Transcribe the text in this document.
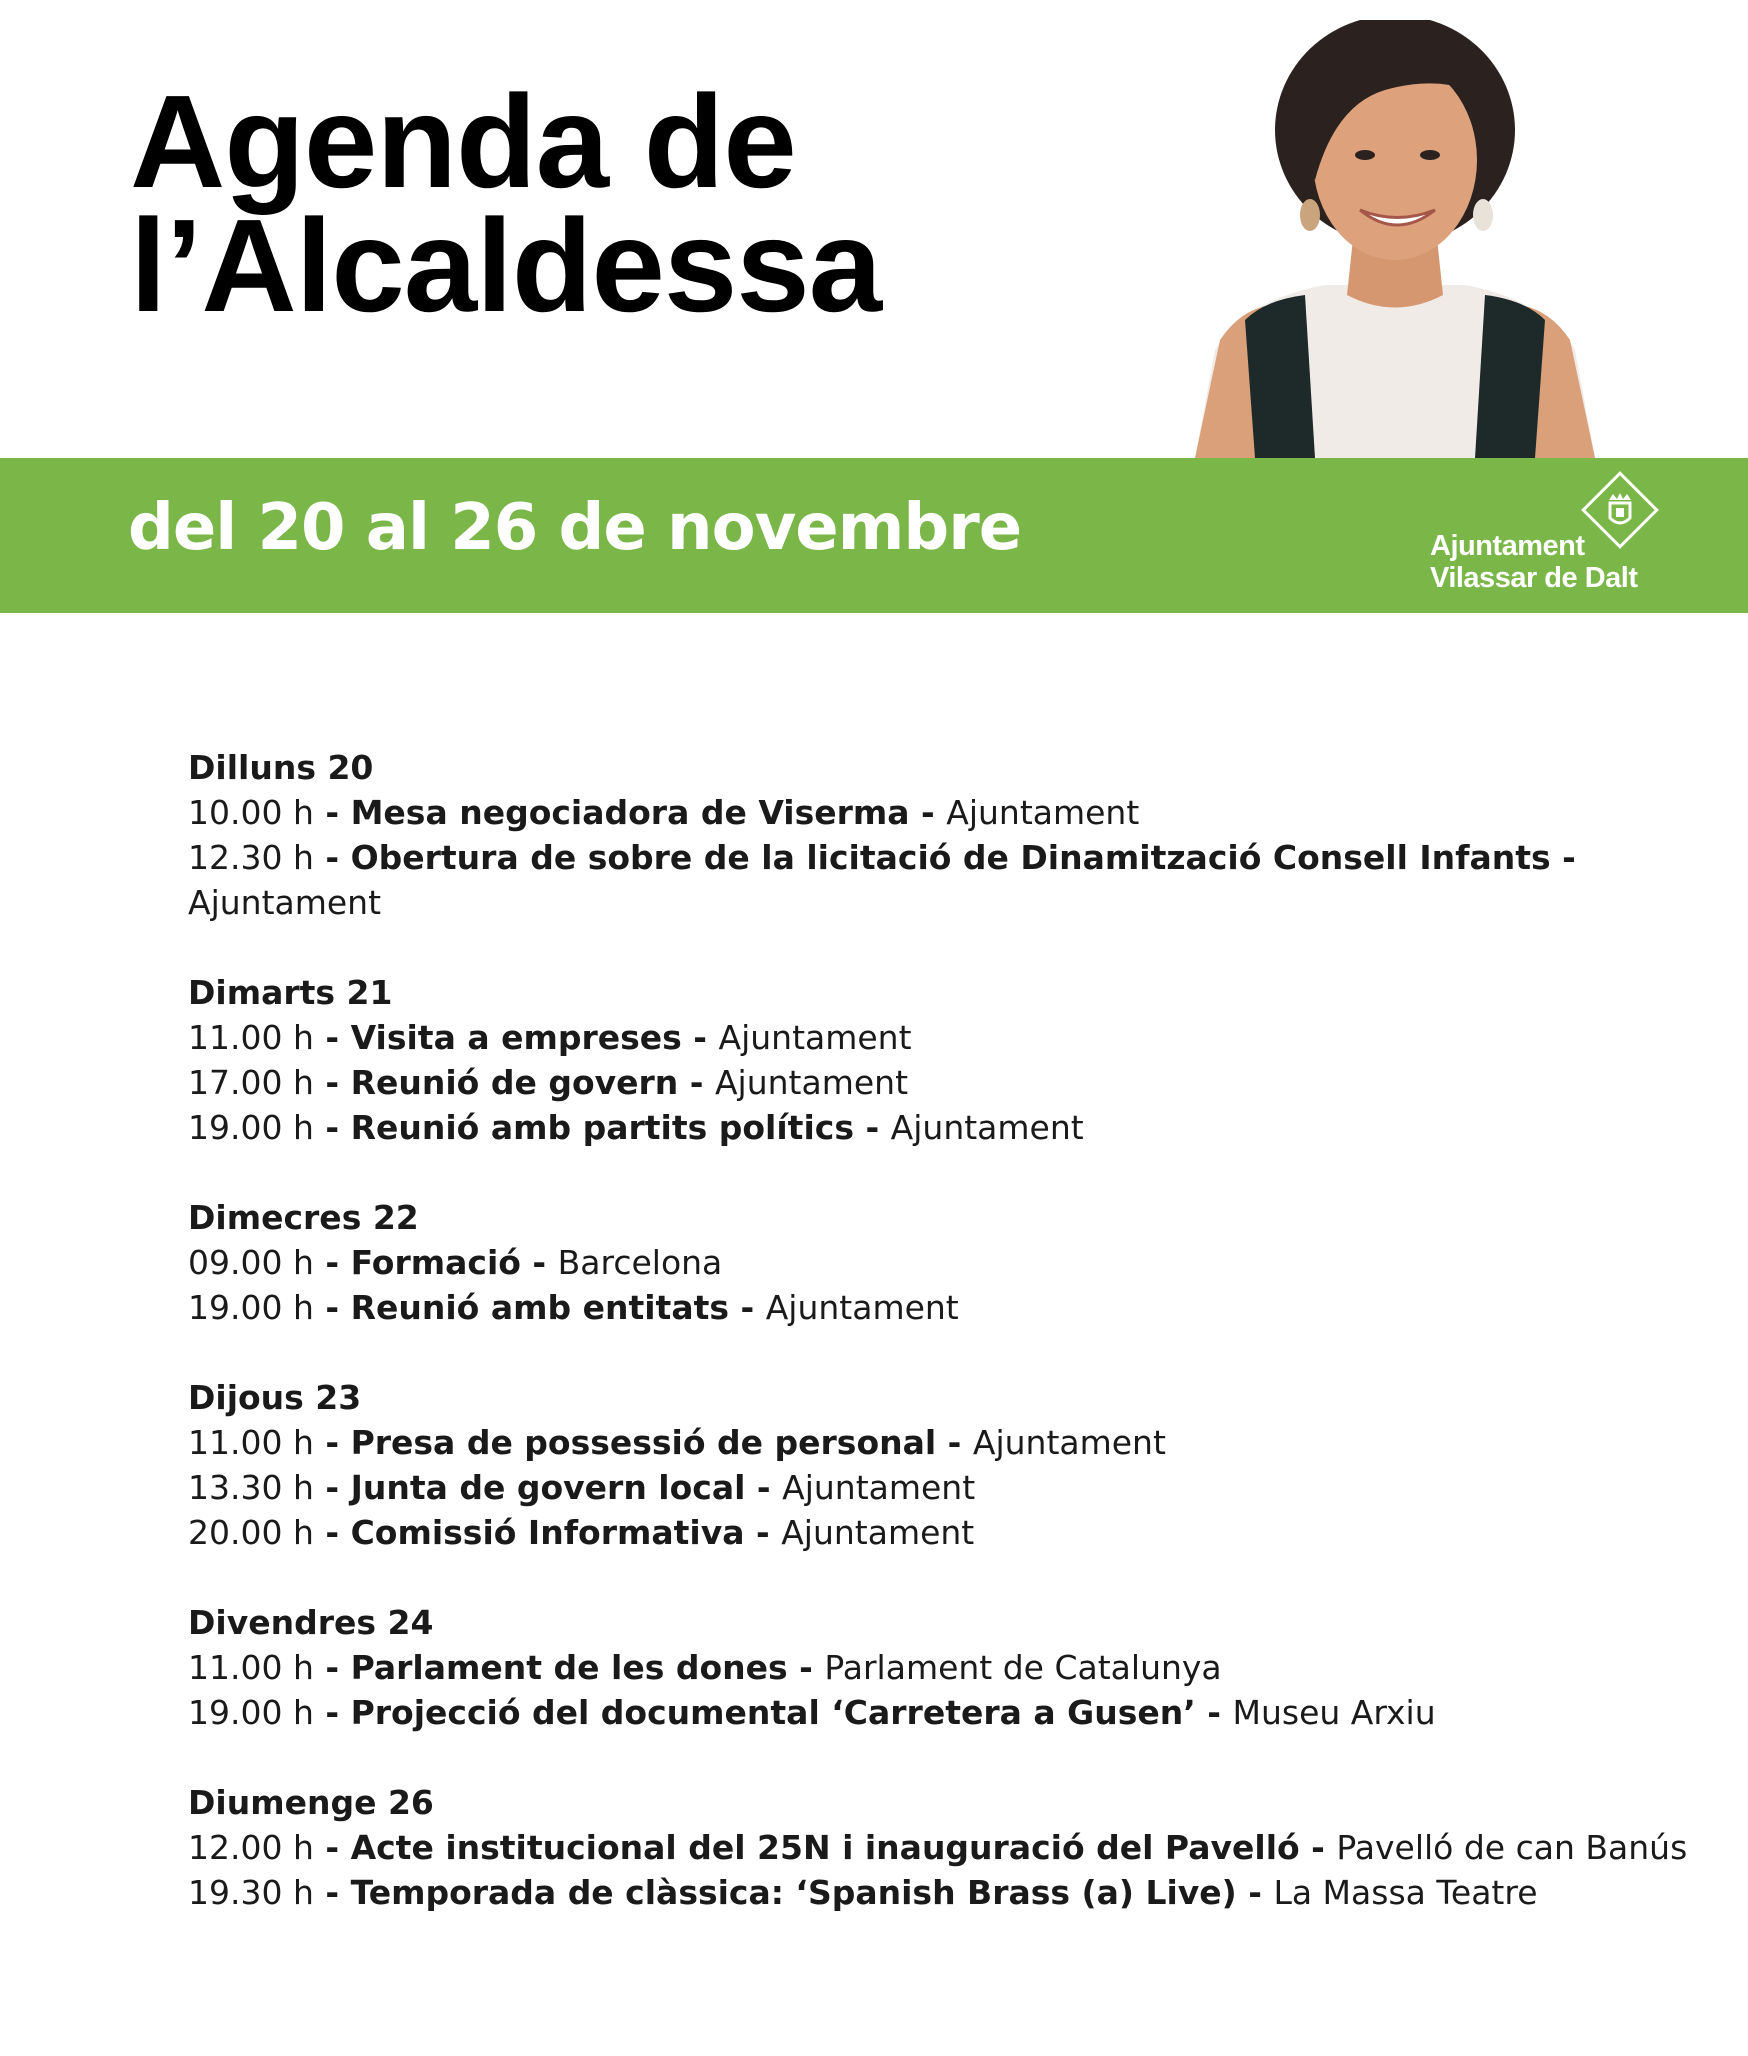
Agenda de
l’Alcaldessa
del 20 al 26 de novembre	Ajuntament
Vilassar de Dalt
Dilluns 20
10.00 h - Mesa negociadora de Viserma - Ajuntament
12.30 h - Obertura de sobre de la licitació de Dinamització Consell Infants - Ajuntament
Dimarts 21
11.00 h - Visita a empreses - Ajuntament
17.00 h - Reunió de govern - Ajuntament
19.00 h - Reunió amb partits polítics - Ajuntament
Dimecres 22
09.00 h - Formació - Barcelona
19.00 h - Reunió amb entitats - Ajuntament
Dijous 23
11.00 h - Presa de possessió de personal - Ajuntament
13.30 h - Junta de govern local - Ajuntament
20.00 h - Comissió Informativa - Ajuntament
Divendres 24
11.00 h - Parlament de les dones - Parlament de Catalunya
19.00 h - Projecció del documental ‘Carretera a Gusen’ - Museu Arxiu
Diumenge 26
12.00 h - Acte institucional del 25N i inauguració del Pavelló - Pavelló de can Banús
19.30 h - Temporada de clàssica: ‘Spanish Brass (a) Live) - La Massa Teatre
